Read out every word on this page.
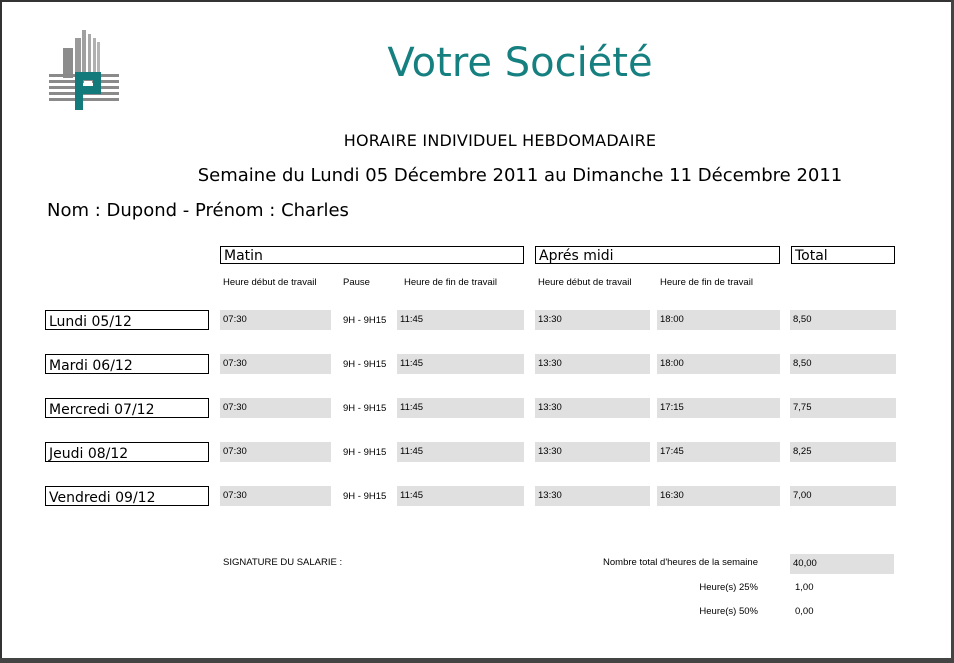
Votre Société
HORAIRE INDIVIDUEL HEBDOMADAIRE
Semaine du Lundi 05 Décembre 2011 au Dimanche 11 Décembre 2011
Nom : Dupond - Prénom : Charles
Matin	Aprés midi	Total
Heure début de travail	Pause	Heure de fin de travail	Heure début de travail	Heure de fin de travail
Lundi 05/12	07:30	9H - 9H15	11:45	13:30	18:00	8,50
Mardi 06/12	07:30	9H - 9H15	11:45	13:30	18:00	8,50
Mercredi 07/12	07:30	9H - 9H15	11:45	13:30	17:15	7,75
Jeudi 08/12	07:30	9H - 9H15	11:45	13:30	17:45	8,25
Vendredi 09/12	07:30	9H - 9H15	11:45	13:30	16:30	7,00
SIGNATURE DU SALARIE :	Nombre total d'heures de la semaine	40,00
Heure(s) 25%	1,00
Heure(s) 50%	0,00
